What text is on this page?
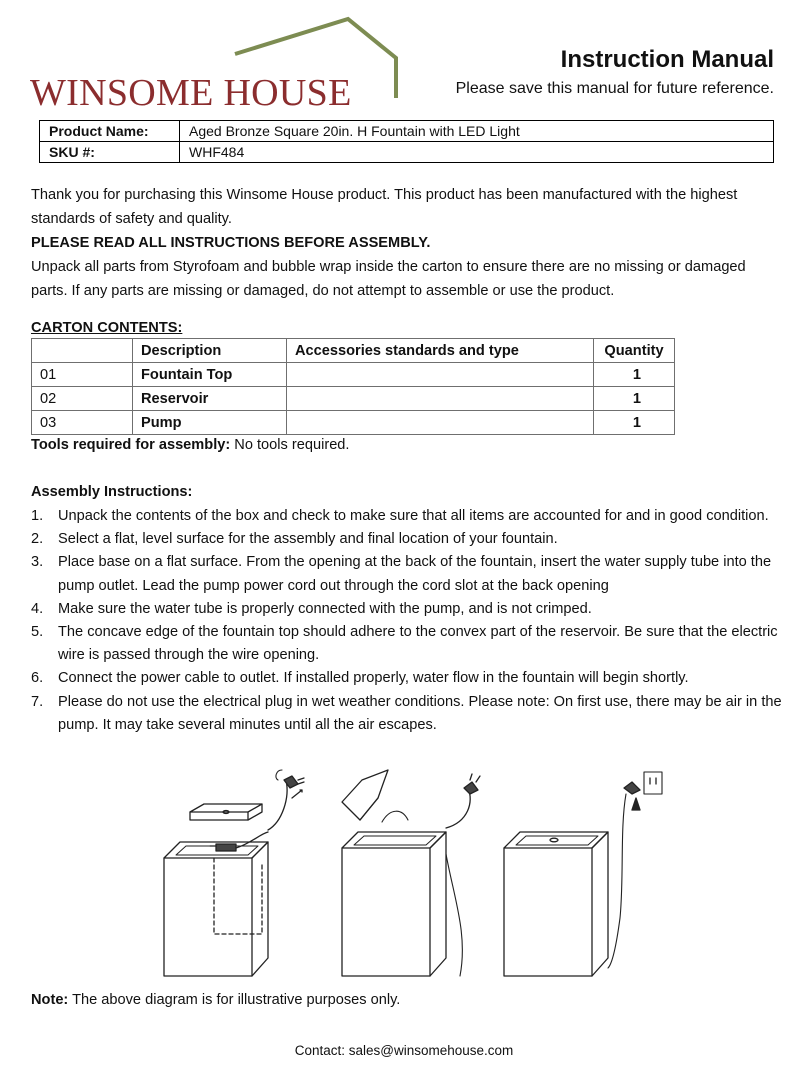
WINSOME HOUSE
Instruction Manual
Please save this manual for future reference.
Product Name:	Aged Bronze Square 20in. H Fountain with LED Light
SKU #:	WHF484
Thank you for purchasing this Winsome House product. This product has been manufactured with the highest standards of safety and quality.
PLEASE READ ALL INSTRUCTIONS BEFORE ASSEMBLY.
Unpack all parts from Styrofoam and bubble wrap inside the carton to ensure there are no missing or damaged parts. If any parts are missing or damaged, do not attempt to assemble or use the product.
CARTON CONTENTS:
	Description	Accessories standards and type	Quantity
01	Fountain Top		1
02	Reservoir		1
03	Pump		1
Tools required for assembly: No tools required.
Assembly Instructions:
1. Unpack the contents of the box and check to make sure that all items are accounted for and in good condition.
2. Select a flat, level surface for the assembly and final location of your fountain.
3. Place base on a flat surface. From the opening at the back of the fountain, insert the water supply tube into the pump outlet. Lead the pump power cord out through the cord slot at the back opening
4. Make sure the water tube is properly connected with the pump, and is not crimped.
5. The concave edge of the fountain top should adhere to the convex part of the reservoir. Be sure that the electric wire is passed through the wire opening.
6. Connect the power cable to outlet. If installed properly, water flow in the fountain will begin shortly.
7. Please do not use the electrical plug in wet weather conditions. Please note: On first use, there may be air in the pump. It may take several minutes until all the air escapes.
Note: The above diagram is for illustrative purposes only.
Contact: sales@winsomehouse.com
